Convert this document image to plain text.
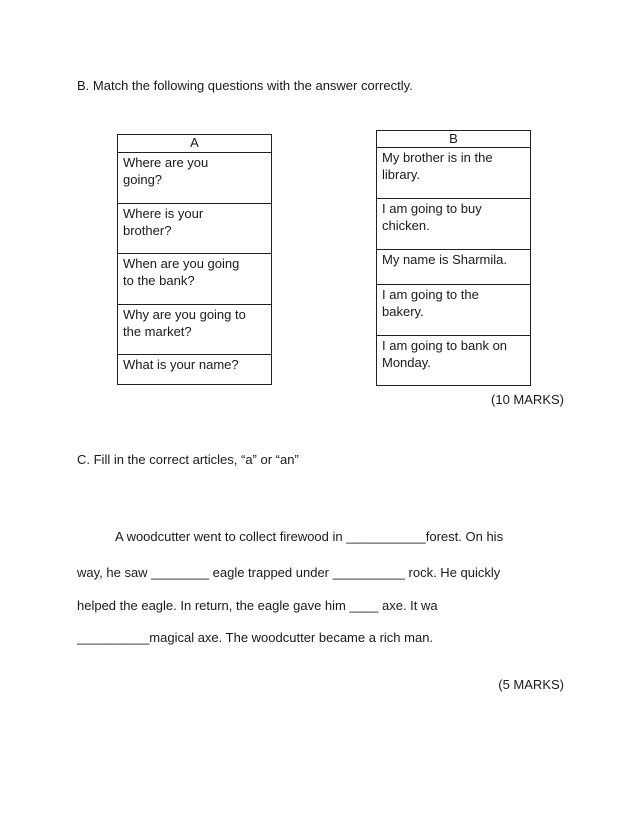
B. Match the following questions with the answer correctly.
A
Where are you
going?
Where is your
brother?
When are you going
to the bank?
Why are you going to
the market?
What is your name?
B
My brother is in the
library.
I am going to buy
chicken.
My name is Sharmila.
I am going to the
bakery.
I am going to bank on
Monday.
(10 MARKS)
C. Fill in the correct articles, “a” or “an”
A woodcutter went to collect firewood in ___________forest. On his
way, he saw ________ eagle trapped under __________ rock. He quickly
helped the eagle. In return, the eagle gave him ____ axe. It wa
__________magical axe. The woodcutter became a rich man.
(5 MARKS)
